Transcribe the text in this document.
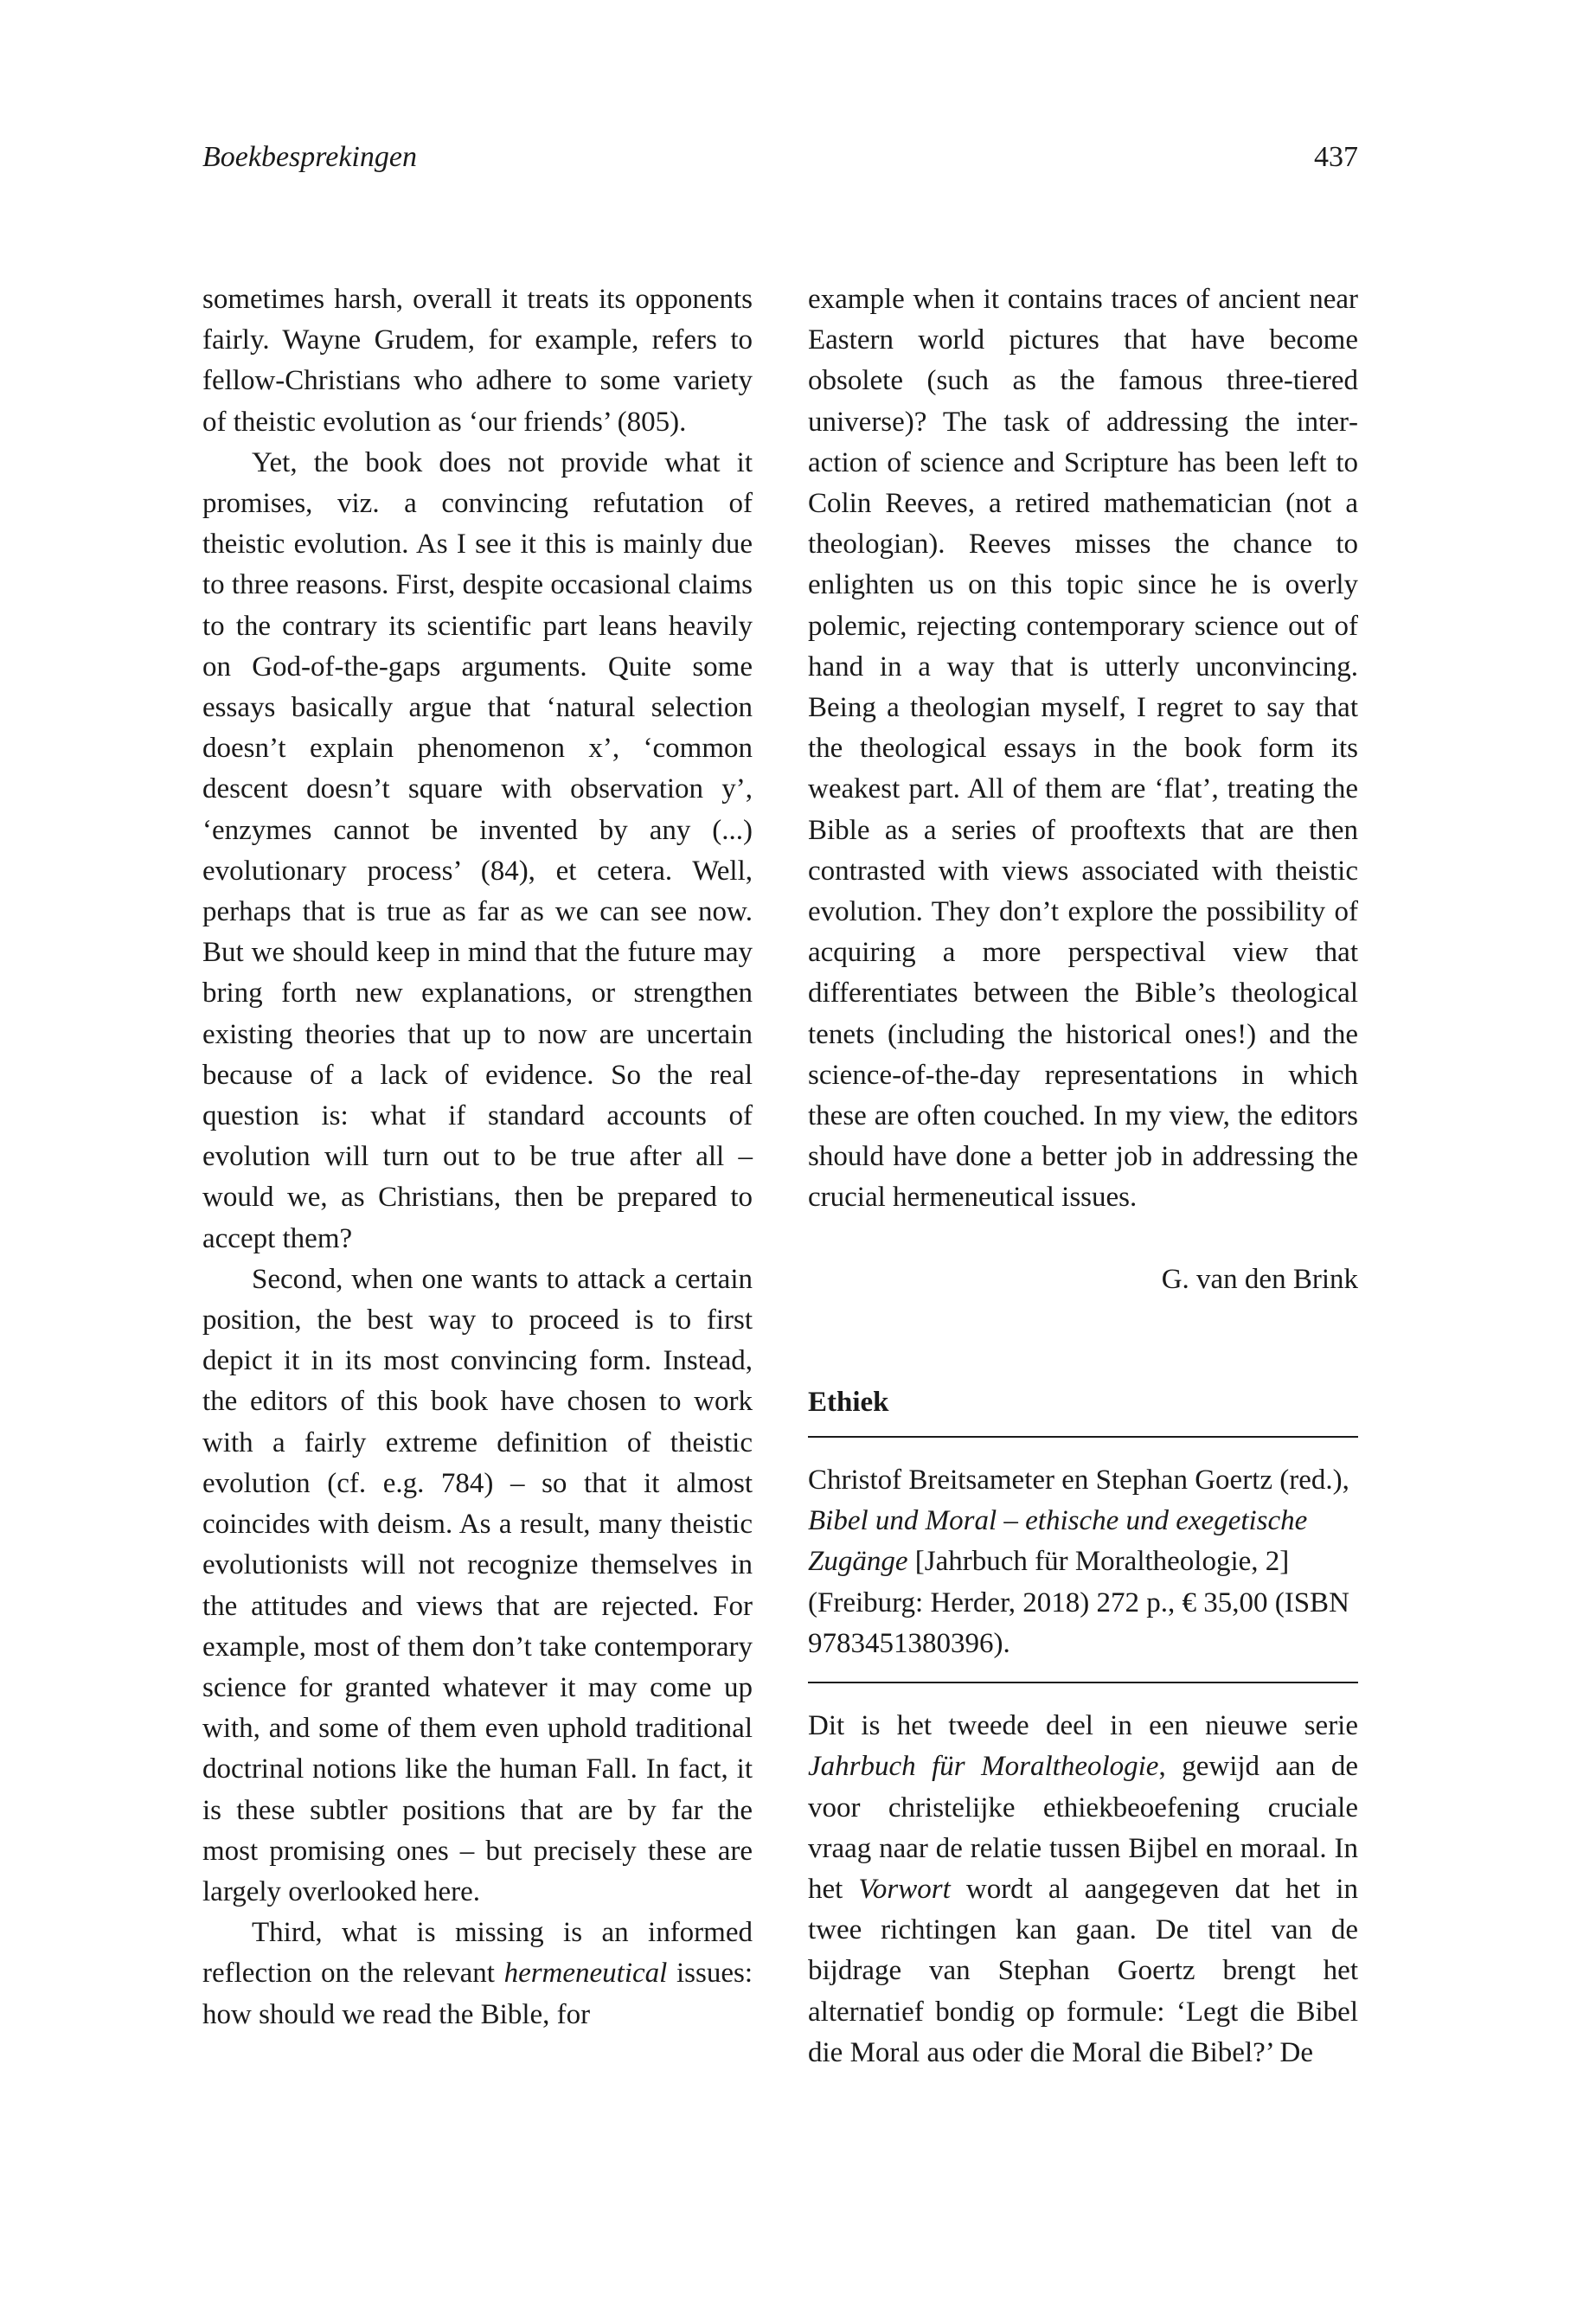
Boekbesprekingen	437

sometimes harsh, overall it treats its opponents fairly. Wayne Grudem, for example, refers to fellow-Christians who adhere to some variety of theistic evolution as ‘our friends’ (805).

Yet, the book does not provide what it promises, viz. a convincing refutation of theistic evolution. As I see it this is mainly due to three reasons. First, despite occasional claims to the contrary its scientific part leans heavily on God-of-the-gaps arguments. Quite some essays basically argue that ‘natural selection doesn’t explain phenomenon x’, ‘common descent doesn’t square with observation y’, ‘enzymes cannot be invented by any (...) evolutionary process’ (84), et cetera. Well, perhaps that is true as far as we can see now. But we should keep in mind that the future may bring forth new explanations, or strengthen existing theories that up to now are uncertain because of a lack of evidence. So the real question is: what if standard accounts of evolution will turn out to be true after all – would we, as Christians, then be prepared to accept them?

Second, when one wants to attack a certain position, the best way to proceed is to first depict it in its most convincing form. Instead, the editors of this book have chosen to work with a fairly extreme definition of theistic evolution (cf. e.g. 784) – so that it almost coincides with deism. As a result, many theistic evolutionists will not recognize themselves in the attitudes and views that are rejected. For example, most of them don’t take contemporary science for granted whatever it may come up with, and some of them even uphold traditional doctrinal notions like the human Fall. In fact, it is these subtler positions that are by far the most promising ones – but precisely these are largely overlooked here.

Third, what is missing is an informed reflection on the relevant hermeneutical issues: how should we read the Bible, for

example when it contains traces of ancient near Eastern world pictures that have become obsolete (such as the famous three-tiered universe)? The task of addressing the interaction of science and Scripture has been left to Colin Reeves, a retired mathematician (not a theologian). Reeves misses the chance to enlighten us on this topic since he is overly polemic, rejecting contemporary science out of hand in a way that is utterly unconvincing. Being a theologian myself, I regret to say that the theological essays in the book form its weakest part. All of them are ‘flat’, treating the Bible as a series of prooftexts that are then contrasted with views associated with theistic evolution. They don’t explore the possibility of acquiring a more perspectival view that differentiates between the Bible’s theological tenets (including the historical ones!) and the science-of-the-day representations in which these are often couched. In my view, the editors should have done a better job in addressing the crucial hermeneutical issues.

G. van den Brink
Ethiek
Christof Breitsameter en Stephan Goertz (red.), Bibel und Moral – ethische und exegetische Zugänge [Jahrbuch für Moraltheologie, 2] (Freiburg: Herder, 2018) 272 p., € 35,00 (ISBN 9783451380396).

Dit is het tweede deel in een nieuwe serie Jahrbuch für Moraltheologie, gewijd aan de voor christelijke ethiekbeoefening cruciale vraag naar de relatie tussen Bijbel en moraal. In het Vorwort wordt al aangegeven dat het in twee richtingen kan gaan. De titel van de bijdrage van Stephan Goertz brengt het alternatief bondig op formule: ‘Legt die Bibel die Moral aus oder die Moral die Bibel?’ De
